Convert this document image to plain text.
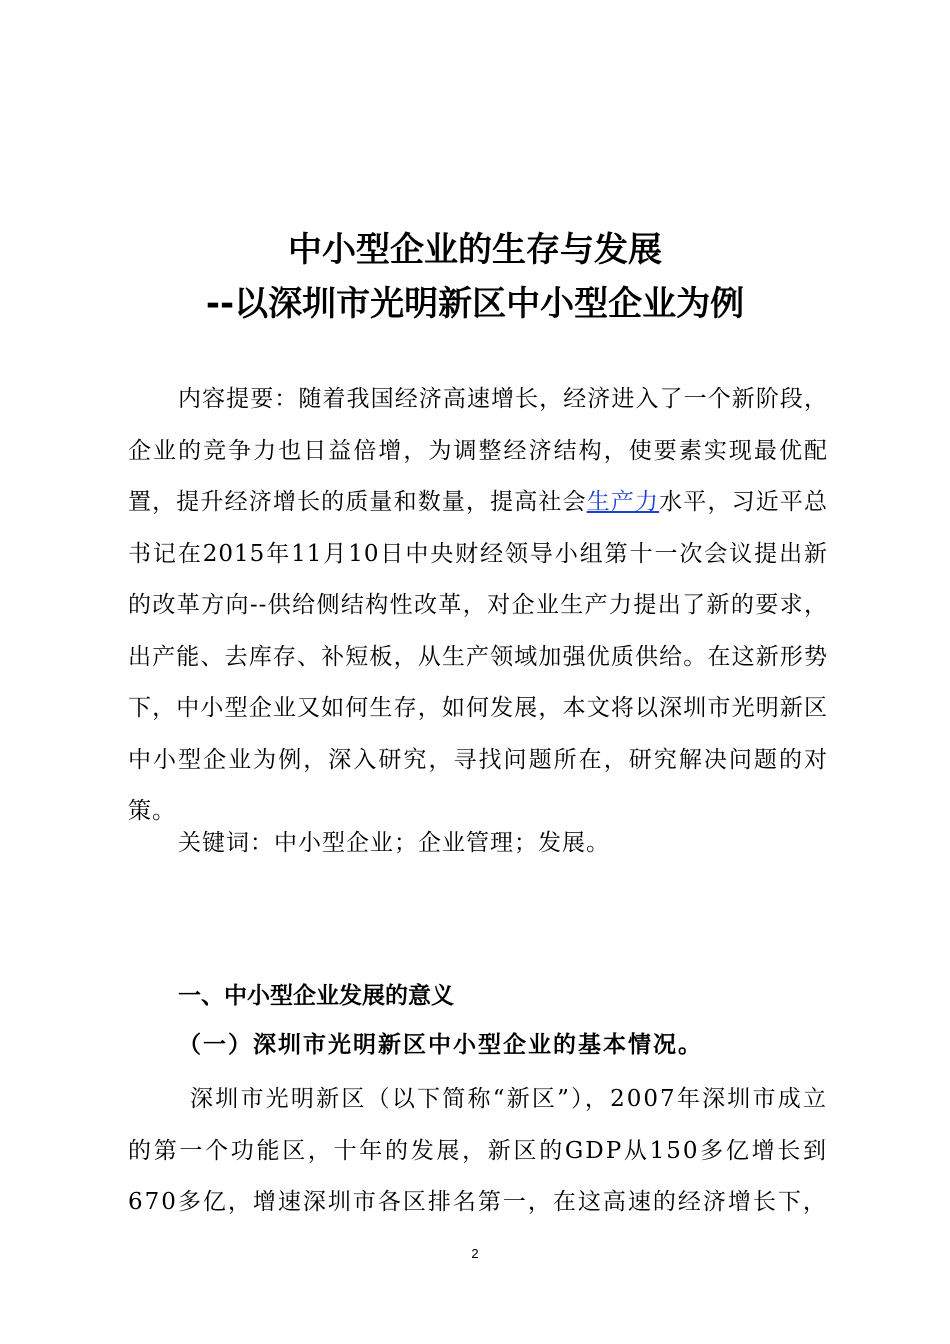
中小型企业的生存与发展
--以深圳市光明新区中小型企业为例

内容提要：随着我国经济高速增长，经济进入了一个新阶段，企业的竞争力也日益倍增，为调整经济结构，使要素实现最优配置，提升经济增长的质量和数量，提高社会生产力水平，习近平总书记在2015年11月10日中央财经领导小组第十一次会议提出新的改革方向--供给侧结构性改革，对企业生产力提出了新的要求，出产能、去库存、补短板，从生产领域加强优质供给。在这新形势下，中小型企业又如何生存，如何发展，本文将以深圳市光明新区中小型企业为例，深入研究，寻找问题所在，研究解决问题的对策。

关键词：中小型企业；企业管理；发展。

一、中小型企业发展的意义
（一）深圳市光明新区中小型企业的基本情况。

深圳市光明新区（以下简称“新区”），2007年深圳市成立的第一个功能区，十年的发展，新区的GDP从150多亿增长到670多亿，增速深圳市各区排名第一，在这高速的经济增长下，

2
